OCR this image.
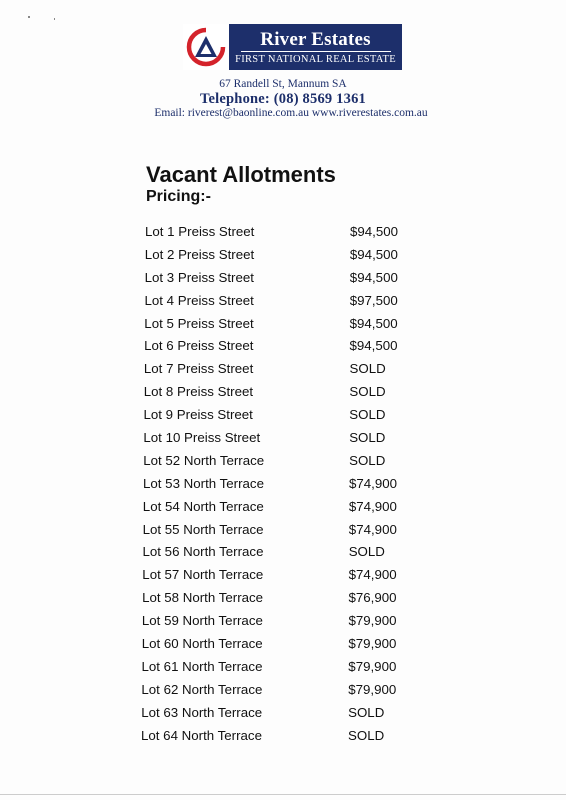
River Estates
FIRST NATIONAL REAL ESTATE
67 Randell St, Mannum SA
Telephone: (08) 8569 1361
Email: riverest@baonline.com.au www.riverestates.com.au
Vacant Allotments
Pricing:-
Lot 1 Preiss Street	$94,500
Lot 2 Preiss Street	$94,500
Lot 3 Preiss Street	$94,500
Lot 4 Preiss Street	$97,500
Lot 5 Preiss Street	$94,500
Lot 6 Preiss Street	$94,500
Lot 7 Preiss Street	SOLD
Lot 8 Preiss Street	SOLD
Lot 9 Preiss Street	SOLD
Lot 10 Preiss Street	SOLD
Lot 52 North Terrace	SOLD
Lot 53 North Terrace	$74,900
Lot 54 North Terrace	$74,900
Lot 55 North Terrace	$74,900
Lot 56 North Terrace	SOLD
Lot 57 North Terrace	$74,900
Lot 58 North Terrace	$76,900
Lot 59 North Terrace	$79,900
Lot 60 North Terrace	$79,900
Lot 61 North Terrace	$79,900
Lot 62 North Terrace	$79,900
Lot 63 North Terrace	SOLD
Lot 64 North Terrace	SOLD
